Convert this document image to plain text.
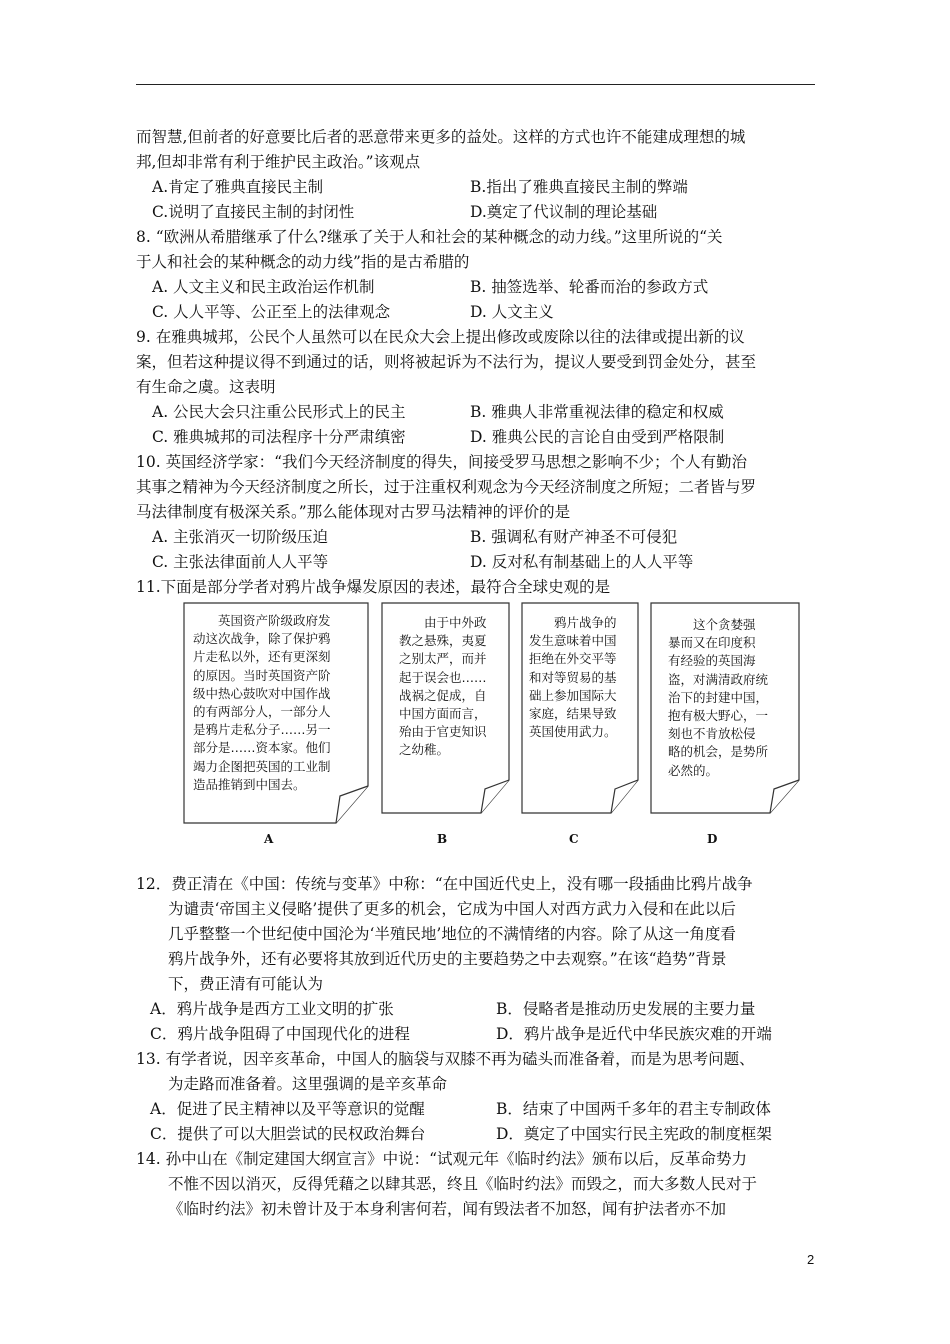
而智慧,但前者的好意要比后者的恶意带来更多的益处。这样的方式也许不能建成理想的城
邦,但却非常有利于维护民主政治。”该观点
A.肯定了雅典直接民主制	B.指出了雅典直接民主制的弊端
C.说明了直接民主制的封闭性	D.奠定了代议制的理论基础
8. “欧洲从希腊继承了什么?继承了关于人和社会的某种概念的动力线。”这里所说的“关
于人和社会的某种概念的动力线”指的是古希腊的
A. 人文主义和民主政治运作机制	B. 抽签选举、轮番而治的参政方式
C. 人人平等、公正至上的法律观念	D. 人文主义
9. 在雅典城邦，公民个人虽然可以在民众大会上提出修改或废除以往的法律或提出新的议
案，但若这种提议得不到通过的话，则将被起诉为不法行为，提议人要受到罚金处分，甚至
有生命之虞。这表明
A. 公民大会只注重公民形式上的民主	B. 雅典人非常重视法律的稳定和权威
C. 雅典城邦的司法程序十分严肃缜密	D. 雅典公民的言论自由受到严格限制
10. 英国经济学家：“我们今天经济制度的得失，间接受罗马思想之影响不少；个人有勤治
其事之精神为今天经济制度之所长，过于注重权利观念为今天经济制度之所短；二者皆与罗
马法律制度有极深关系。”那么能体现对古罗马法精神的评价的是
A. 主张消灭一切阶级压迫	B. 强调私有财产神圣不可侵犯
C. 主张法律面前人人平等	D. 反对私有制基础上的人人平等
11.下面是部分学者对鸦片战争爆发原因的表述，最符合全球史观的是
　　英国资产阶级政府发
动这次战争，除了保护鸦
片走私以外，还有更深刻
的原因。当时英国资产阶
级中热心鼓吹对中国作战
的有两部分人，一部分人
是鸦片走私分子……另一
部分是……资本家。他们
竭力企图把英国的工业制
造品推销到中国去。
A
　　由于中外政
教之悬殊，夷夏
之别太严，而并
起于误会也……
战祸之促成，自
中国方面而言，
殆由于官吏知识
之幼稚。
B
　　鸦片战争的
发生意味着中国
拒绝在外交平等
和对等贸易的基
础上参加国际大
家庭，结果导致
英国使用武力。
C
　　这个贪婪强
暴而又在印度积
有经验的英国海
盗，对满清政府统
治下的封建中国，
抱有极大野心，一
刻也不肯放松侵
略的机会，是势所
必然的。
D
12．费正清在《中国：传统与变革》中称：“在中国近代史上，没有哪一段插曲比鸦片战争
为谴责‘帝国主义侵略’提供了更多的机会，它成为中国人对西方武力入侵和在此以后
几乎整整一个世纪使中国沦为‘半殖民地’地位的不满情绪的内容。除了从这一角度看
鸦片战争外，还有必要将其放到近代历史的主要趋势之中去观察。”在该“趋势”背景
下，费正清有可能认为
A．鸦片战争是西方工业文明的扩张	B．侵略者是推动历史发展的主要力量
C．鸦片战争阻碍了中国现代化的进程	D．鸦片战争是近代中华民族灾难的开端
13. 有学者说，因辛亥革命，中国人的脑袋与双膝不再为磕头而准备着，而是为思考问题、
为走路而准备着。这里强调的是辛亥革命
A．促进了民主精神以及平等意识的觉醒	B．结束了中国两千多年的君主专制政体
C．提供了可以大胆尝试的民权政治舞台	D．奠定了中国实行民主宪政的制度框架
14. 孙中山在《制定建国大纲宣言》中说：“试观元年《临时约法》颁布以后，反革命势力
不惟不因以消灭，反得凭藉之以肆其恶，终且《临时约法》而毁之，而大多数人民对于
《临时约法》初未曾计及于本身利害何若，闻有毁法者不加怒，闻有护法者亦不加
2
